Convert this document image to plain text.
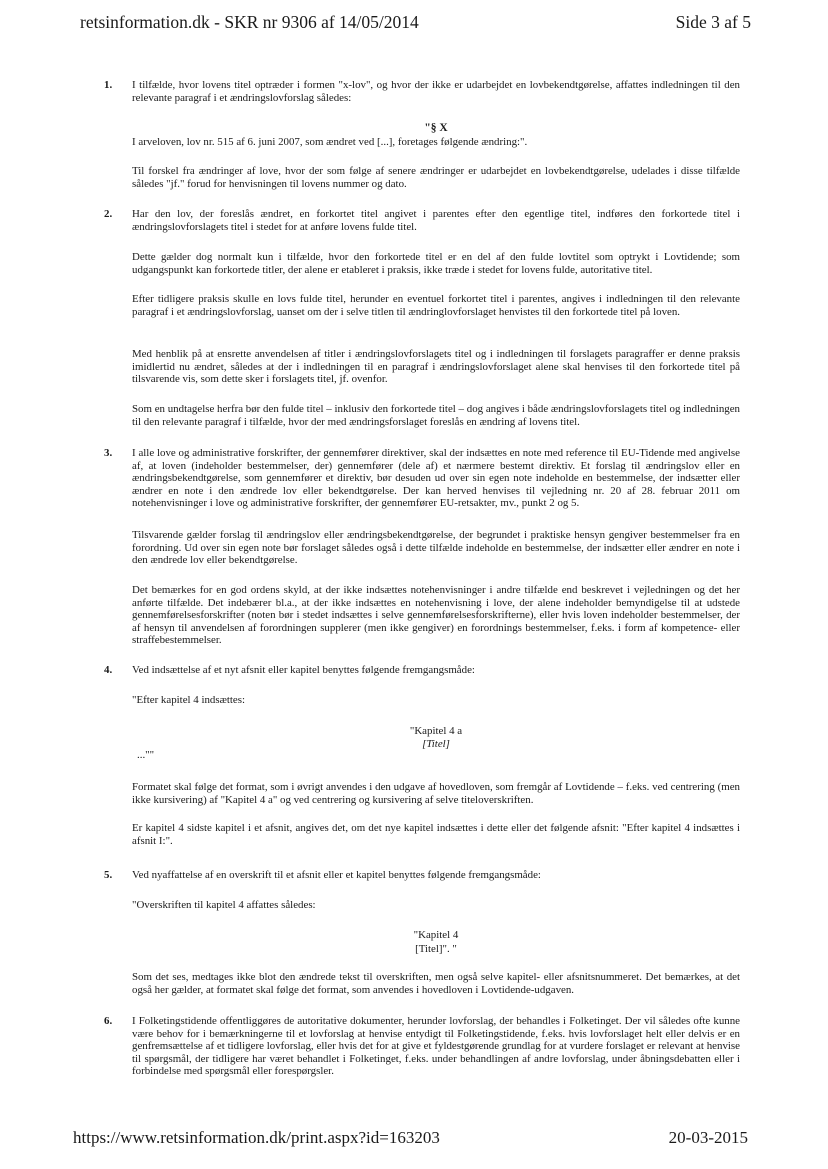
retsinformation.dk - SKR nr 9306 af 14/05/2014	Side 3 af 5
1.	I tilfælde, hvor lovens titel optræder i formen "x-lov", og hvor der ikke er udarbejdet en lovbekendtgørelse, affattes indledningen til den relevante paragraf i et ændringslovforslag således:

"§ X

I arveloven, lov nr. 515 af 6. juni 2007, som ændret ved [...], foretages følgende ændring:".

Til forskel fra ændringer af love, hvor der som følge af senere ændringer er udarbejdet en lovbekendtgørelse, udelades i disse tilfælde således "jf." forud for henvisningen til lovens nummer og dato.

2.	Har den lov, der foreslås ændret, en forkortet titel angivet i parentes efter den egentlige titel, indføres den forkortede titel i ændringslovforslagets titel i stedet for at anføre lovens fulde titel.

Dette gælder dog normalt kun i tilfælde, hvor den forkortede titel er en del af den fulde lovtitel som optrykt i Lovtidende; som udgangspunkt kan forkortede titler, der alene er etableret i praksis, ikke træde i stedet for lovens fulde, autoritative titel.

Efter tidligere praksis skulle en lovs fulde titel, herunder en eventuel forkortet titel i parentes, angives i indledningen til den relevante paragraf i et ændringslovforslag, uanset om der i selve titlen til ændringlovforslaget henvistes til den forkortede titel på loven.

Med henblik på at ensrette anvendelsen af titler i ændringslovforslagets titel og i indledningen til forslagets paragraffer er denne praksis imidlertid nu ændret, således at der i indledningen til en paragraf i ændringslovforslaget alene skal henvises til den forkortede titel på tilsvarende vis, som dette sker i forslagets titel, jf. ovenfor.

Som en undtagelse herfra bør den fulde titel – inklusiv den forkortede titel – dog angives i både ændringslovforslagets titel og indledningen til den relevante paragraf i tilfælde, hvor der med ændringsforslaget foreslås en ændring af lovens titel.

3.	I alle love og administrative forskrifter, der gennemfører direktiver, skal der indsættes en note med reference til EU-Tidende med angivelse af, at loven (indeholder bestemmelser, der) gennemfører (dele af) et nærmere bestemt direktiv. Et forslag til ændringslov eller en ændringsbekendtgørelse, som gennemfører et direktiv, bør desuden ud over sin egen note indeholde en bestemmelse, der indsætter eller ændrer en note i den ændrede lov eller bekendtgørelse. Der kan herved henvises til vejledning nr. 20 af 28. februar 2011 om notehenvisninger i love og administrative forskrifter, der gennemfører EU-retsakter, mv., punkt 2 og 5.

Tilsvarende gælder forslag til ændringslov eller ændringsbekendtgørelse, der begrundet i praktiske hensyn gengiver bestemmelser fra en forordning. Ud over sin egen note bør forslaget således også i dette tilfælde indeholde en bestemmelse, der indsætter eller ændrer en note i den ændrede lov eller bekendtgørelse.

Det bemærkes for en god ordens skyld, at der ikke indsættes notehenvisninger i andre tilfælde end beskrevet i vejledningen og det her anførte tilfælde. Det indebærer bl.a., at der ikke indsættes en notehenvisning i love, der alene indeholder bemyndigelse til at udstede gennemførelsesforskrifter (noten bør i stedet indsættes i selve gennemførelsesforskrifterne), eller hvis loven indeholder bestemmelser, der af hensyn til anvendelsen af forordningen supplerer (men ikke gengiver) en forordnings bestemmelser, f.eks. i form af kompetence- eller straffebestemmelser.

4.	Ved indsættelse af et nyt afsnit eller kapitel benyttes følgende fremgangsmåde:

"Efter kapitel 4 indsættes:

"Kapitel 4 a
[Titel]
...""

Formatet skal følge det format, som i øvrigt anvendes i den udgave af hovedloven, som fremgår af Lovtidende – f.eks. ved centrering (men ikke kursivering) af "Kapitel 4 a" og ved centrering og kursivering af selve titeloverskriften.

Er kapitel 4 sidste kapitel i et afsnit, angives det, om det nye kapitel indsættes i dette eller det følgende afsnit: "Efter kapitel 4 indsættes i afsnit I:".

5.	Ved nyaffattelse af en overskrift til et afsnit eller et kapitel benyttes følgende fremgangsmåde:

"Overskriften til kapitel 4 affattes således:

"Kapitel 4
[Titel]". "

Som det ses, medtages ikke blot den ændrede tekst til overskriften, men også selve kapitel- eller afsnitsnummeret. Det bemærkes, at det også her gælder, at formatet skal følge det format, som anvendes i hovedloven i Lovtidende-udgaven.

6.	I Folketingstidende offentliggøres de autoritative dokumenter, herunder lovforslag, der behandles i Folketinget. Der vil således ofte kunne være behov for i bemærkningerne til et lovforslag at henvise entydigt til Folketingstidende, f.eks. hvis lovforslaget helt eller delvis er en genfremsættelse af et tidligere lovforslag, eller hvis det for at give et fyldestgørende grundlag for at vurdere forslaget er relevant at henvise til spørgsmål, der tidligere har været behandlet i Folketinget, f.eks. under behandlingen af andre lovforslag, under åbningsdebatten eller i forbindelse med spørgsmål eller forespørgsler.

https://www.retsinformation.dk/print.aspx?id=163203	20-03-2015
